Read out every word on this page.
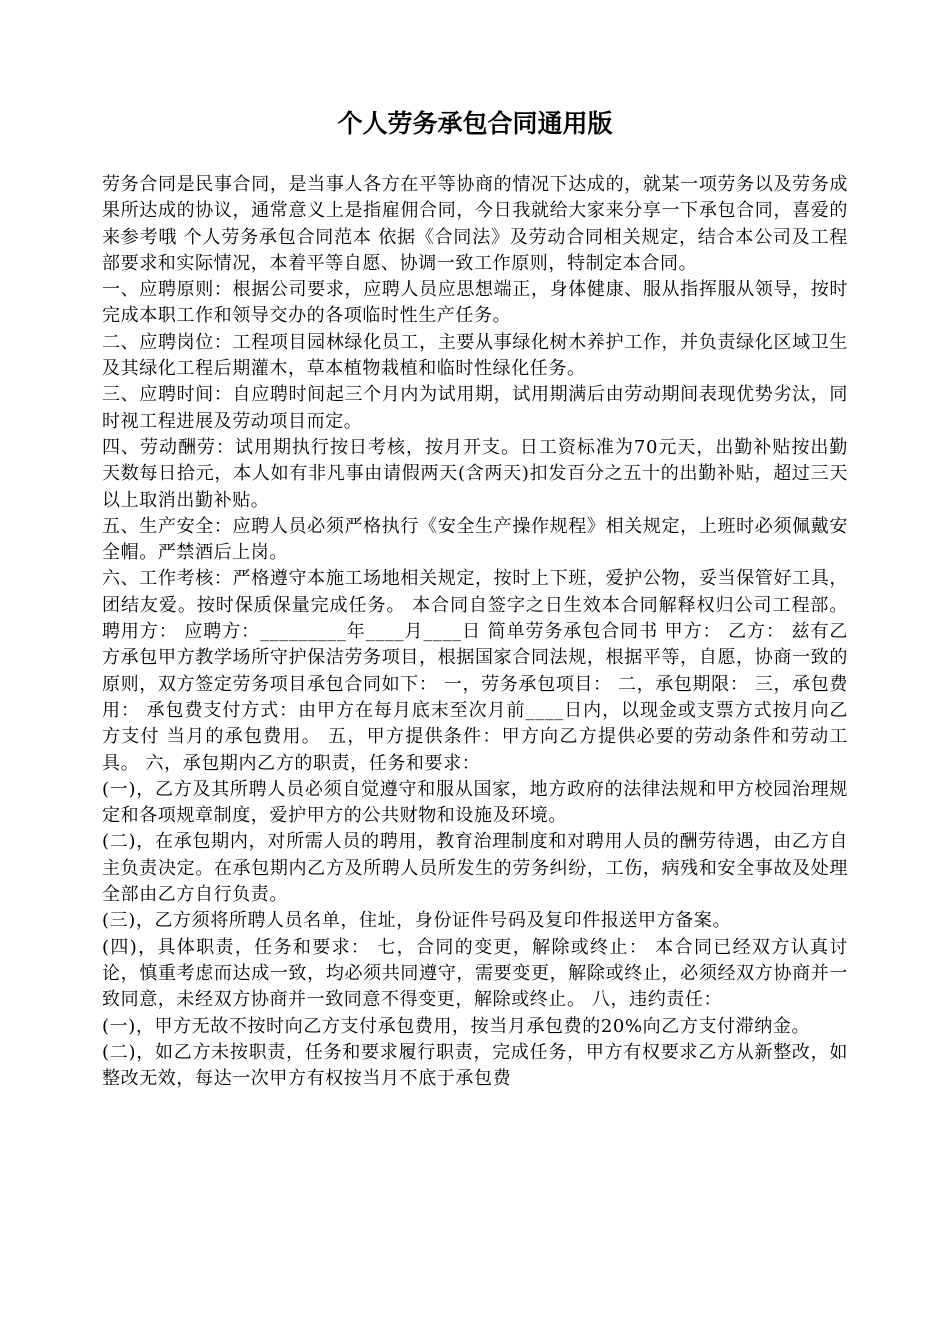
个人劳务承包合同通用版

劳务合同是民事合同，是当事人各方在平等协商的情况下达成的，就某一项劳务以及劳务成果所达成的协议，通常意义上是指雇佣合同，今日我就给大家来分享一下承包合同，喜爱的来参考哦 个人劳务承包合同范本 依据《合同法》及劳动合同相关规定，结合本公司及工程部要求和实际情况，本着平等自愿、协调一致工作原则，特制定本合同。

一、应聘原则：根据公司要求，应聘人员应思想端正，身体健康、服从指挥服从领导，按时完成本职工作和领导交办的各项临时性生产任务。

二、应聘岗位：工程项目园林绿化员工，主要从事绿化树木养护工作，并负责绿化区域卫生及其绿化工程后期灌木，草本植物栽植和临时性绿化任务。

三、应聘时间：自应聘时间起三个月内为试用期，试用期满后由劳动期间表现优势劣汰，同时视工程进展及劳动项目而定。

四、劳动酬劳：试用期执行按日考核，按月开支。日工资标准为70元天，出勤补贴按出勤天数每日拾元，本人如有非凡事由请假两天(含两天)扣发百分之五十的出勤补贴，超过三天以上取消出勤补贴。

五、生产安全：应聘人员必须严格执行《安全生产操作规程》相关规定，上班时必须佩戴安全帽。严禁酒后上岗。

六、工作考核：严格遵守本施工场地相关规定，按时上下班，爱护公物，妥当保管好工具，团结友爱。按时保质保量完成任务。 本合同自签字之日生效本合同解释权归公司工程部。 聘用方： 应聘方：_________年____月____日 简单劳务承包合同书 甲方： 乙方： 兹有乙方承包甲方教学场所守护保洁劳务项目，根据国家合同法规，根据平等，自愿，协商一致的原则，双方签定劳务项目承包合同如下： 一，劳务承包项目： 二，承包期限： 三，承包费用： 承包费支付方式：由甲方在每月底末至次月前____日内，以现金或支票方式按月向乙方支付 当月的承包费用。 五，甲方提供条件：甲方向乙方提供必要的劳动条件和劳动工具。 六，承包期内乙方的职责，任务和要求：

(一)，乙方及其所聘人员必须自觉遵守和服从国家，地方政府的法律法规和甲方校园治理规定和各项规章制度，爱护甲方的公共财物和设施及环境。

(二)，在承包期内，对所需人员的聘用，教育治理制度和对聘用人员的酬劳待遇，由乙方自主负责决定。在承包期内乙方及所聘人员所发生的劳务纠纷，工伤，病残和安全事故及处理全部由乙方自行负责。

(三)，乙方须将所聘人员名单，住址，身份证件号码及复印件报送甲方备案。

(四)，具体职责，任务和要求： 七，合同的变更，解除或终止： 本合同已经双方认真讨论，慎重考虑而达成一致，均必须共同遵守，需要变更，解除或终止，必须经双方协商并一致同意，未经双方协商并一致同意不得变更，解除或终止。 八，违约责任：

(一)，甲方无故不按时向乙方支付承包费用，按当月承包费的20%向乙方支付滞纳金。

(二)，如乙方未按职责，任务和要求履行职责，完成任务，甲方有权要求乙方从新整改，如整改无效，每达一次甲方有权按当月不底于承包费
